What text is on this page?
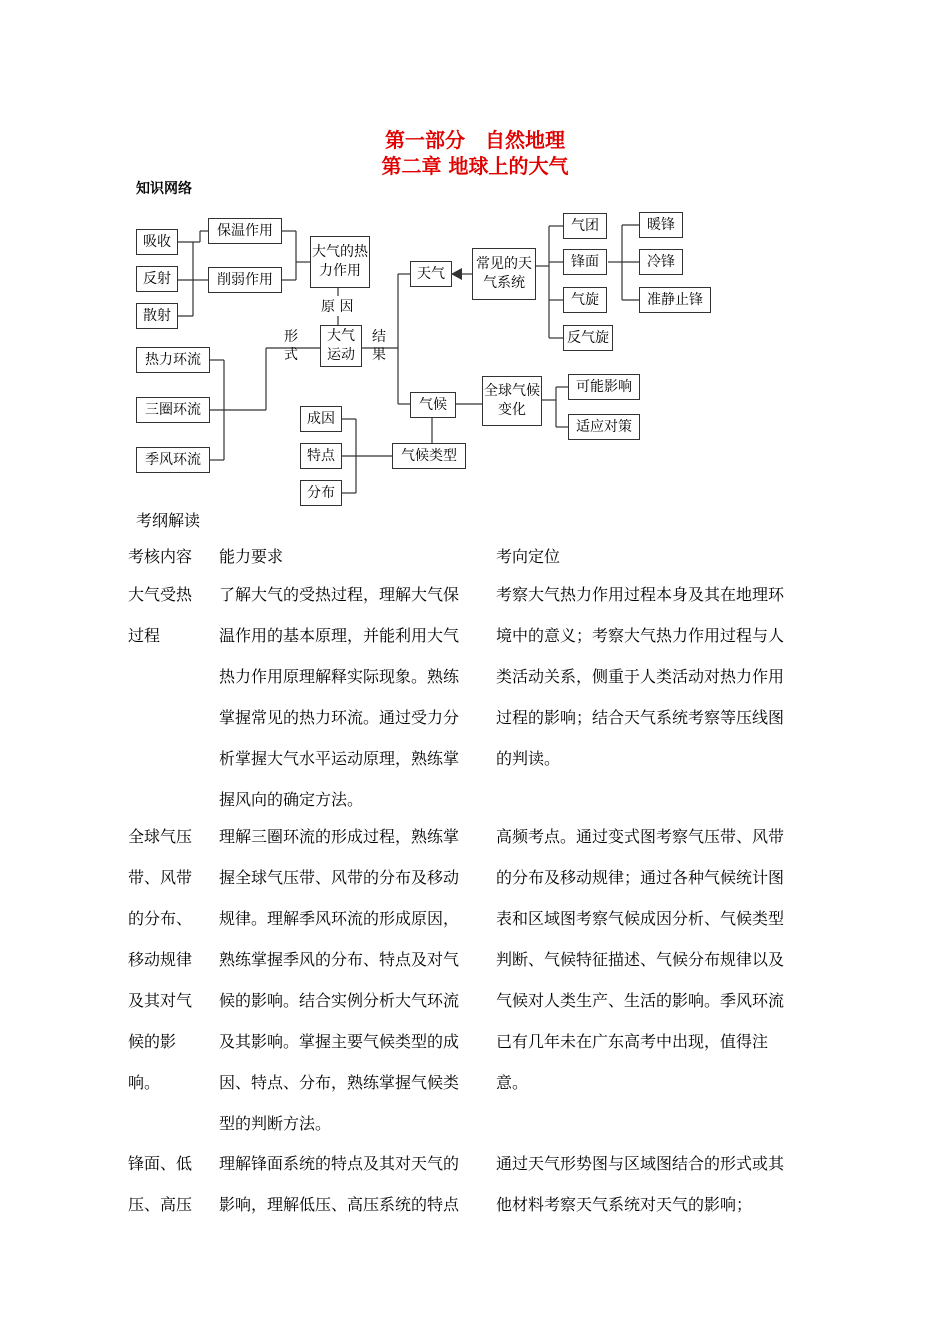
第一部分　自然地理
第二章 地球上的大气
知识网络
吸收
反射
散射
保温作用
削弱作用
大气的热力作用
原 因
大气运动
形式
结果
热力环流
三圈环流
季风环流
天气
常见的天气系统
气团
锋面
气旋
反气旋
暖锋
冷锋
准静止锋
气候
全球气候变化
可能影响
适应对策
成因
特点
分布
气候类型
考纲解读
考核内容	能力要求	考向定位
大气受热过程
了解大气的受热过程，理解大气保温作用的基本原理，并能利用大气热力作用原理解释实际现象。熟练掌握常见的热力环流。通过受力分析掌握大气水平运动原理，熟练掌握风向的确定方法。
考察大气热力作用过程本身及其在地理环境中的意义；考察大气热力作用过程与人类活动关系，侧重于人类活动对热力作用过程的影响；结合天气系统考察等压线图的判读。
全球气压带、风带的分布、移动规律及其对气候的影响。
理解三圈环流的形成过程，熟练掌握全球气压带、风带的分布及移动规律。理解季风环流的形成原因，熟练掌握季风的分布、特点及对气候的影响。结合实例分析大气环流及其影响。掌握主要气候类型的成因、特点、分布，熟练掌握气候类型的判断方法。
高频考点。通过变式图考察气压带、风带的分布及移动规律；通过各种气候统计图表和区域图考察气候成因分析、气候类型判断、气候特征描述、气候分布规律以及气候对人类生产、生活的影响。季风环流已有几年未在广东高考中出现，值得注意。
锋面、低压、高压
理解锋面系统的特点及其对天气的影响，理解低压、高压系统的特点
通过天气形势图与区域图结合的形式或其他材料考察天气系统对天气的影响；
